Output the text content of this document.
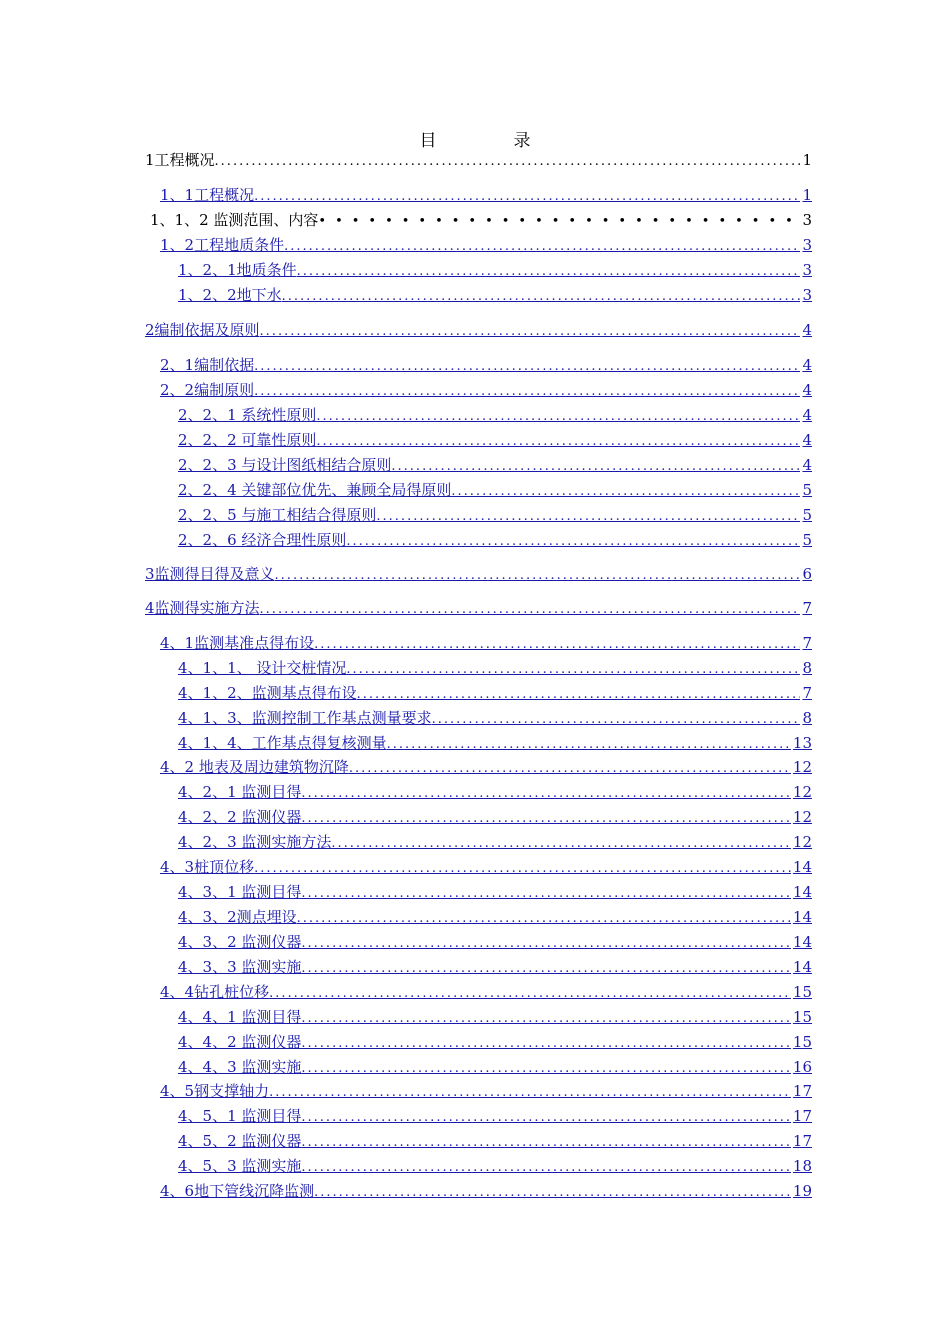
目　录
1工程概况 .....	1
1、1工程概况 .....	1
1、1、2 监测范围、内容 •••••	3
1、2工程地质条件 .....	3
1、2、1地质条件 .....	3
1、2、2地下水 .....	3
2编制依据及原则 .....	4
2、1编制依据 .....	4
2、2编制原则 .....	4
2、2、1 系统性原则 .....	4
2、2、2 可靠性原则 .....	4
2、2、3 与设计图纸相结合原则 .....	4
2、2、4 关键部位优先、兼顾全局得原则 .....	5
2、2、5 与施工相结合得原则 .....	5
2、2、6 经济合理性原则 .....	5
3监测得目得及意义 .....	6
4监测得实施方法 .....	7
4、1监测基准点得布设 .....	7
4、1、1、 设计交桩情况 .....	8
4、1、2、监测基点得布设 .....	7
4、1、3、监测控制工作基点测量要求 .....	8
4、1、4、工作基点得复核测量 .....	13
4、2 地表及周边建筑物沉降 .....	12
4、2、1 监测目得 .....	12
4、2、2 监测仪器 .....	12
4、2、3 监测实施方法 .....	12
4、3桩顶位移 .....	14
4、3、1 监测目得 .....	14
4、3、2测点埋设 .....	14
4、3、2 监测仪器 .....	14
4、3、3 监测实施 .....	14
4、4钻孔桩位移 .....	15
4、4、1 监测目得 .....	15
4、4、2 监测仪器 .....	15
4、4、3 监测实施 .....	16
4、5钢支撑轴力 .....	17
4、5、1 监测目得 .....	17
4、5、2 监测仪器 .....	17
4、5、3 监测实施 .....	18
4、6地下管线沉降监测 .....	19
